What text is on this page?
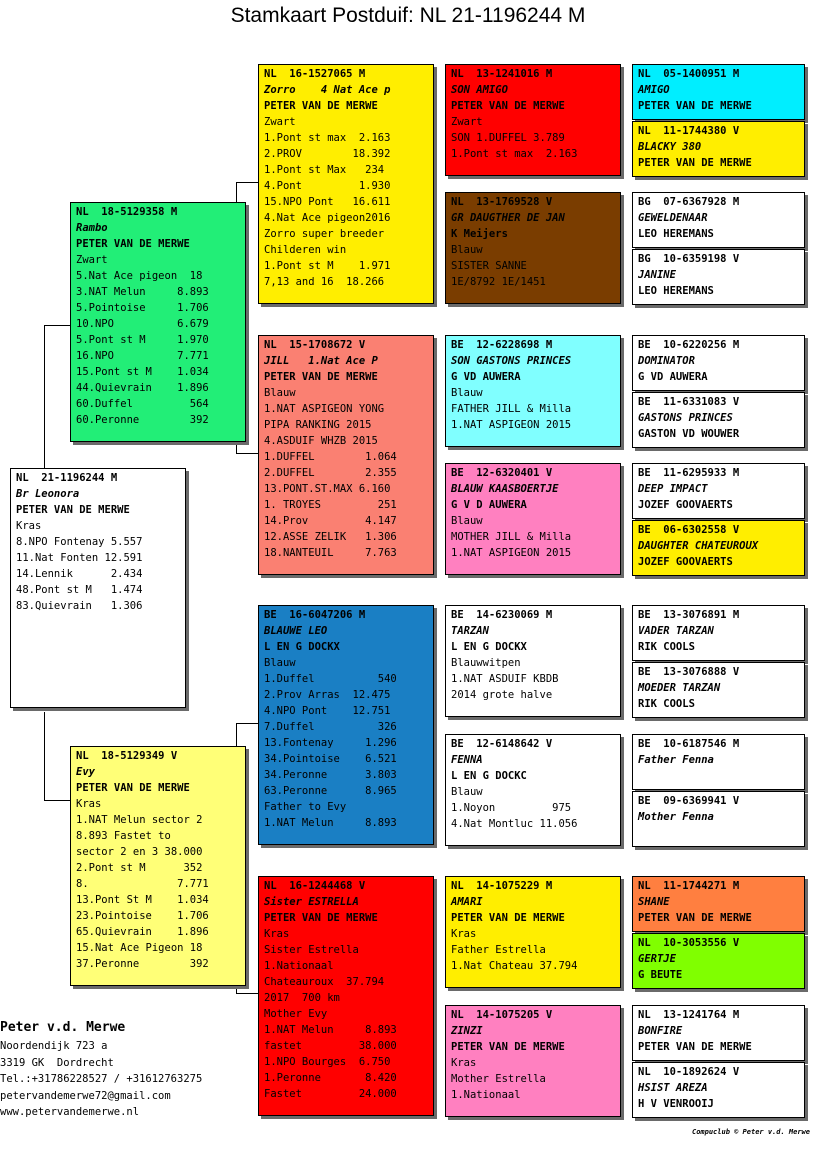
Stamkaart Postduif: NL 21-1196244 M
NL  21-1196244 M
Br Leonora
PETER VAN DE MERWE
Kras
8.NPO Fontenay 5.557
11.Nat Fonten 12.591
14.Lennik      2.434
48.Pont st M   1.474
83.Quievrain   1.306
NL  18-5129358 M
Rambo
PETER VAN DE MERWE
Zwart
5.Nat Ace pigeon  18
3.NAT Melun     8.893
5.Pointoise     1.706
10.NPO          6.679
5.Pont st M     1.970
16.NPO          7.771
15.Pont st M    1.034
44.Quievrain    1.896
60.Duffel         564
60.Peronne        392
NL  18-5129349 V
Evy
PETER VAN DE MERWE
Kras
1.NAT Melun sector 2
8.893 Fastet to
sector 2 en 3 38.000
2.Pont st M      352
8.              7.771
13.Pont St M    1.034
23.Pointoise    1.706
65.Quievrain    1.896
15.Nat Ace Pigeon 18
37.Peronne        392
NL  16-1527065 M
Zorro    4 Nat Ace p
PETER VAN DE MERWE
Zwart
1.Pont st max  2.163
2.PROV        18.392
1.Pont st Max   234
4.Pont         1.930
15.NPO Pont   16.611
4.Nat Ace pigeon2016
Zorro super breeder
Childeren win
1.Pont st M    1.971
7,13 and 16  18.266
NL  15-1708672 V
JILL   1.Nat Ace P
PETER VAN DE MERWE
Blauw
1.NAT ASPIGEON YONG
PIPA RANKING 2015
4.ASDUIF WHZB 2015
1.DUFFEL        1.064
2.DUFFEL        2.355
13.PONT.ST.MAX 6.160
1. TROYES         251
14.Prov         4.147
12.ASSE ZELIK   1.306
18.NANTEUIL     7.763
BE  16-6047206 M
BLAUWE LEO
L EN G DOCKX
Blauw
1.Duffel          540
2.Prov Arras  12.475
4.NPO Pont    12.751
7.Duffel          326
13.Fontenay     1.296
34.Pointoise    6.521
34.Peronne      3.803
63.Peronne      8.965
Father to Evy
1.NAT Melun     8.893
NL  16-1244468 V
Sister ESTRELLA
PETER VAN DE MERWE
Kras
Sister Estrella
1.Nationaal
Chateauroux  37.794
2017  700 km
Mother Evy
1.NAT Melun     8.893
fastet         38.000
1.NPO Bourges  6.750
1.Peronne       8.420
Fastet         24.000
NL  13-1241016 M
SON AMIGO
PETER VAN DE MERWE
Zwart
SON 1.DUFFEL 3.789
1.Pont st max  2.163
NL  13-1769528 V
GR DAUGTHER DE JAN
K Meijers
Blauw
SISTER SANNE
1E/8792 1E/1451
BE  12-6228698 M
SON GASTONS PRINCES
G VD AUWERA
Blauw
FATHER JILL & Milla
1.NAT ASPIGEON 2015
BE  12-6320401 V
BLAUW KAASBOERTJE
G V D AUWERA
Blauw
MOTHER JILL & Milla
1.NAT ASPIGEON 2015
BE  14-6230069 M
TARZAN
L EN G DOCKX
Blauwwitpen
1.NAT ASDUIF KBDB
2014 grote halve
BE  12-6148642 V
FENNA
L EN G DOCKC
Blauw
1.Noyon         975
4.Nat Montluc 11.056
NL  14-1075229 M
AMARI
PETER VAN DE MERWE
Kras
Father Estrella
1.Nat Chateau 37.794
NL  14-1075205 V
ZINZI
PETER VAN DE MERWE
Kras
Mother Estrella
1.Nationaal
NL  05-1400951 M
AMIGO
PETER VAN DE MERWE
NL  11-1744380 V
BLACKY 380
PETER VAN DE MERWE
BG  07-6367928 M
GEWELDENAAR
LEO HEREMANS
BG  10-6359198 V
JANINE
LEO HEREMANS
BE  10-6220256 M
DOMINATOR
G VD AUWERA
BE  11-6331083 V
GASTONS PRINCES
GASTON VD WOUWER
BE  11-6295933 M
DEEP IMPACT
JOZEF GOOVAERTS
BE  06-6302558 V
DAUGHTER CHATEUROUX
JOZEF GOOVAERTS
BE  13-3076891 M
VADER TARZAN
RIK COOLS
BE  13-3076888 V
MOEDER TARZAN
RIK COOLS
BE  10-6187546 M
Father Fenna
BE  09-6369941 V
Mother Fenna
NL  11-1744271 M
SHANE
PETER VAN DE MERWE
NL  10-3053556 V
GERTJE
G BEUTE
NL  13-1241764 M
BONFIRE
PETER VAN DE MERWE
NL  10-1892624 V
HSIST AREZA
H V VENROOIJ
Peter v.d. Merwe
Noordendijk 723 a
3319 GK  Dordrecht
Tel.:+31786228527 / +31612763275
petervandemerwe72@gmail.com
www.petervandemerwe.nl
Compuclub © Peter v.d. Merwe
